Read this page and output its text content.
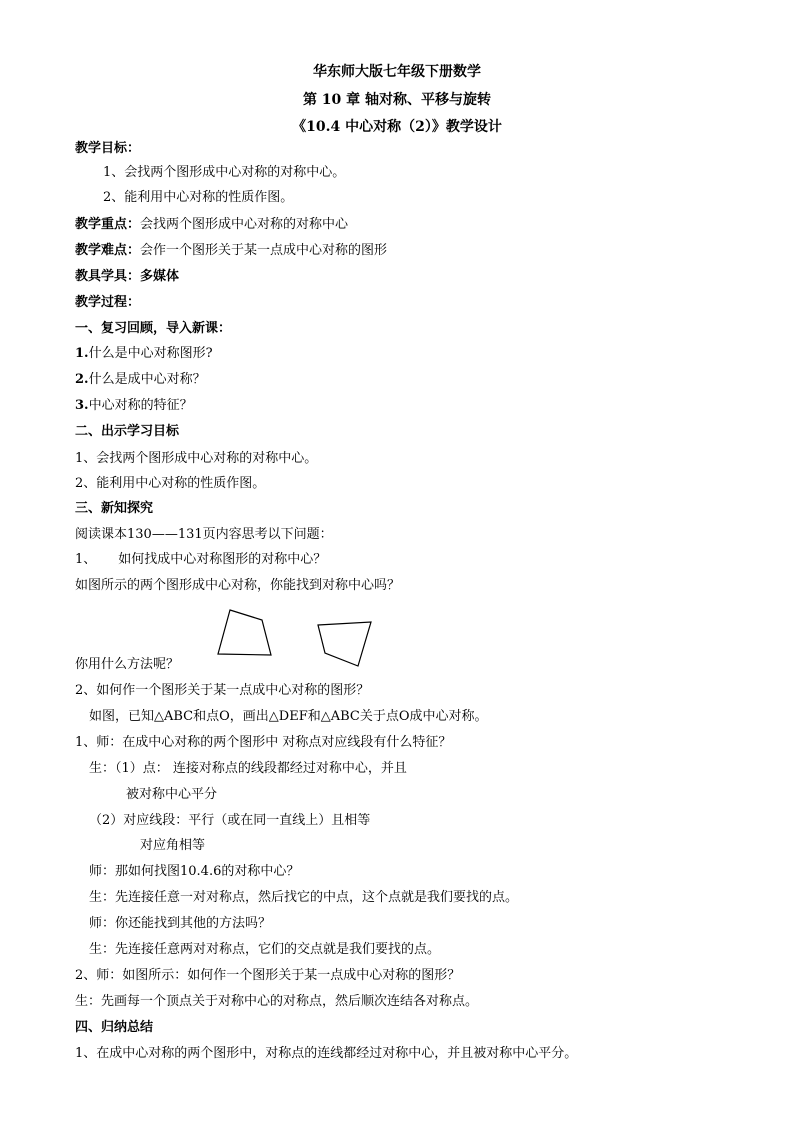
华东师大版七年级下册数学
第 10 章 轴对称、平移与旋转
《10.4 中心对称（2）》教学设计
教学目标：
1、会找两个图形成中心对称的对称中心。
2、能利用中心对称的性质作图。
教学重点：会找两个图形成中心对称的对称中心
教学难点：会作一个图形关于某一点成中心对称的图形
教具学具：多媒体
教学过程：
一、复习回顾，导入新课：
1.什么是中心对称图形?
2.什么是成中心对称？
3.中心对称的特征？
二、出示学习目标
1、会找两个图形成中心对称的对称中心。
2、能利用中心对称的性质作图。
三、新知探究
阅读课本130——131页内容思考以下问题：
1、 如何找成中心对称图形的对称中心？
如图所示的两个图形成中心对称，你能找到对称中心吗？
你用什么方法呢？
2、如何作一个图形关于某一点成中心对称的图形？
如图，已知△ABC和点O，画出△DEF和△ABC关于点O成中心对称。
1、师：在成中心对称的两个图形中 对称点对应线段有什么特征？
生：（1）点： 连接对称点的线段都经过对称中心，并且
被对称中心平分
（2）对应线段：平行（或在同一直线上）且相等
对应角相等
师：那如何找图10.4.6的对称中心？
生：先连接任意一对对称点，然后找它的中点，这个点就是我们要找的点。
师：你还能找到其他的方法吗？
生：先连接任意两对对称点，它们的交点就是我们要找的点。
2、师：如图所示：如何作一个图形关于某一点成中心对称的图形？
生：先画每一个顶点关于对称中心的对称点，然后顺次连结各对称点。
四、归纳总结
1、在成中心对称的两个图形中，对称点的连线都经过对称中心，并且被对称中心平分。
